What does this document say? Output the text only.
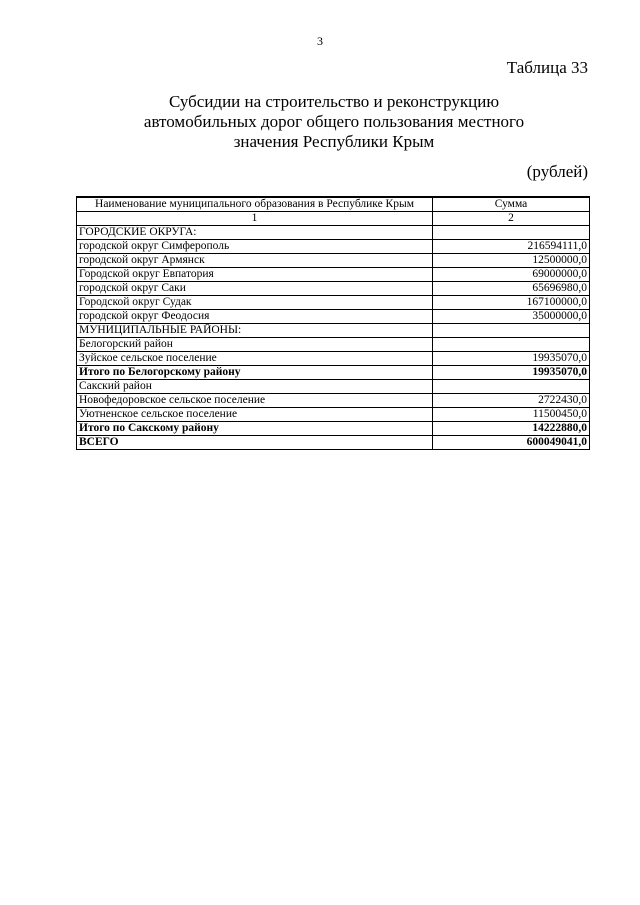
3
Таблица 33
Субсидии на строительство и реконструкцию
автомобильных дорог общего пользования местного
значения Республики Крым
(рублей)
Наименование муниципального образования в Республике Крым	Сумма
1	2
ГОРОДСКИЕ ОКРУГА:	
городской округ Симферополь	216594111,0
городской округ Армянск	12500000,0
Городской округ Евпатория	69000000,0
городской округ Саки	65696980,0
Городской округ Судак	167100000,0
городской округ Феодосия	35000000,0
МУНИЦИПАЛЬНЫЕ РАЙОНЫ:	
Белогорский район	
Зуйское сельское поселение	19935070,0
Итого по Белогорскому району	19935070,0
Сакский район	
Новофедоровское сельское поселение	2722430,0
Уютненское сельское поселение	11500450,0
Итого по Сакскому району	14222880,0
ВСЕГО	600049041,0
